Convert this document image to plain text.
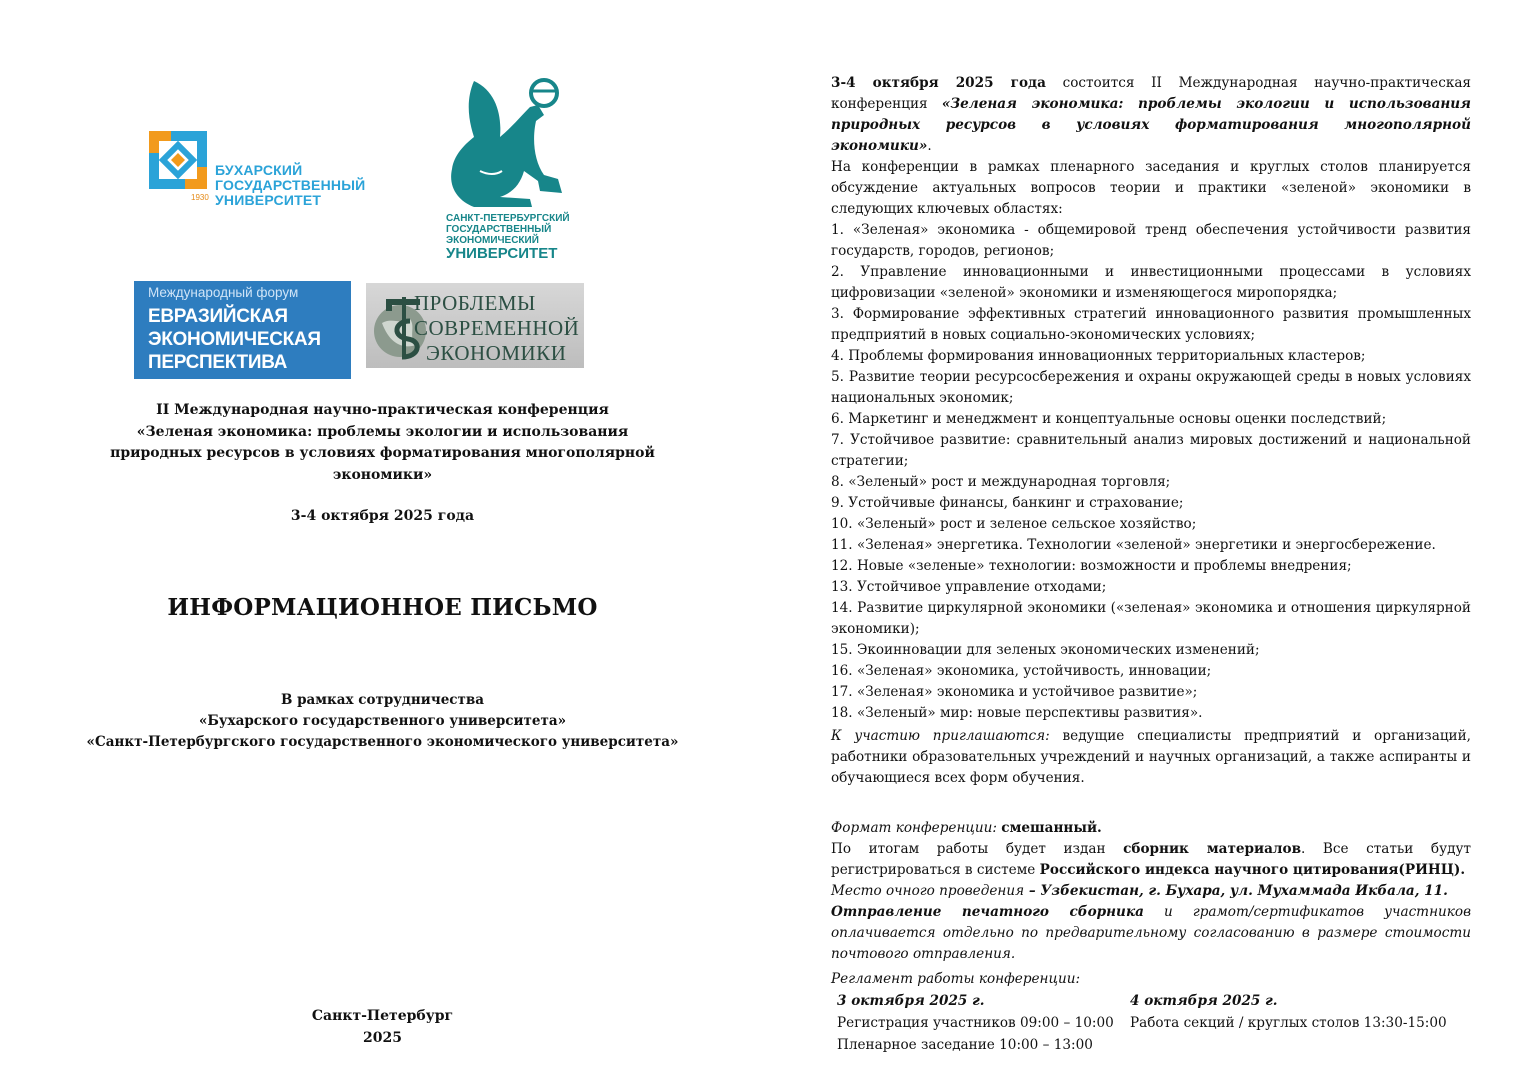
1930
БУХАРСКИЙ
ГОСУДАРСТВЕННЫЙ
УНИВЕРСИТЕТ
САНКТ-ПЕТЕРБУРГСКИЙ
ГОСУДАРСТВЕННЫЙ
ЭКОНОМИЧЕСКИЙ
УНИВЕРСИТЕТ
Международный форум
ЕВРАЗИЙСКАЯ
ЭКОНОМИЧЕСКАЯ
ПЕРСПЕКТИВА
ПРОБЛЕМЫ
СОВРЕМЕННОЙ
ЭКОНОМИКИ
II Международная научно-практическая конференция
«Зеленая экономика: проблемы экологии и использования
природных ресурсов в условиях форматирования многополярной
экономики»
3-4 октября 2025 года
ИНФОРМАЦИОННОЕ ПИСЬМО
В рамках сотрудничества
«Бухарского государственного университета»
«Санкт-Петербургского государственного экономического университета»
Санкт-Петербург
2025

3-4 октября 2025 года состоится II Международная научно-практическая конференция «Зеленая экономика: проблемы экологии и использования природных ресурсов в условиях форматирования многополярной экономики».

На конференции в рамках пленарного заседания и круглых столов планируется обсуждение актуальных вопросов теории и практики «зеленой» экономики в следующих ключевых областях:

1. «Зеленая» экономика - общемировой тренд обеспечения устойчивости развития государств, городов, регионов;
2. Управление инновационными и инвестиционными процессами в условиях цифровизации «зеленой» экономики и изменяющегося миропорядка;
3. Формирование эффективных стратегий инновационного развития промышленных предприятий в новых социально-экономических условиях;
4. Проблемы формирования инновационных территориальных кластеров;
5. Развитие теории ресурсосбережения и охраны окружающей среды в новых условиях национальных экономик;
6. Маркетинг и менеджмент и концептуальные основы оценки последствий;
7. Устойчивое развитие: сравнительный анализ мировых достижений и национальной стратегии;
8. «Зеленый» рост и международная торговля;
9. Устойчивые финансы, банкинг и страхование;
10. «Зеленый» рост и зеленое сельское хозяйство;
11. «Зеленая» энергетика. Технологии «зеленой» энергетики и энергосбережение.
12. Новые «зеленые» технологии: возможности и проблемы внедрения;
13. Устойчивое управление отходами;
14. Развитие циркулярной экономики («зеленая» экономика и отношения циркулярной экономики);
15. Экоинновации для зеленых экономических изменений;
16. «Зеленая» экономика, устойчивость, инновации;
17. «Зеленая» экономика и устойчивое развитие»;
18. «Зеленый» мир: новые перспективы развития».

К участию приглашаются: ведущие специалисты предприятий и организаций, работники образовательных учреждений и научных организаций, а также аспиранты и обучающиеся всех форм обучения.

Формат конференции: смешанный.

По итогам работы будет издан сборник материалов. Все статьи будут регистрироваться в системе Российского индекса научного цитирования(РИНЦ).

Место очного проведения – Узбекистан, г. Бухара, ул. Мухаммада Икбала, 11.

Отправление печатного сборника и грамот/сертификатов участников оплачивается отдельно по предварительному согласованию в размере стоимости почтового отправления.

Регламент работы конференции:
3 октября 2025 г.
Регистрация участников 09:00 – 10:00
Пленарное заседание 10:00 – 13:00
4 октября 2025 г.
Работа секций / круглых столов 13:30-15:00
